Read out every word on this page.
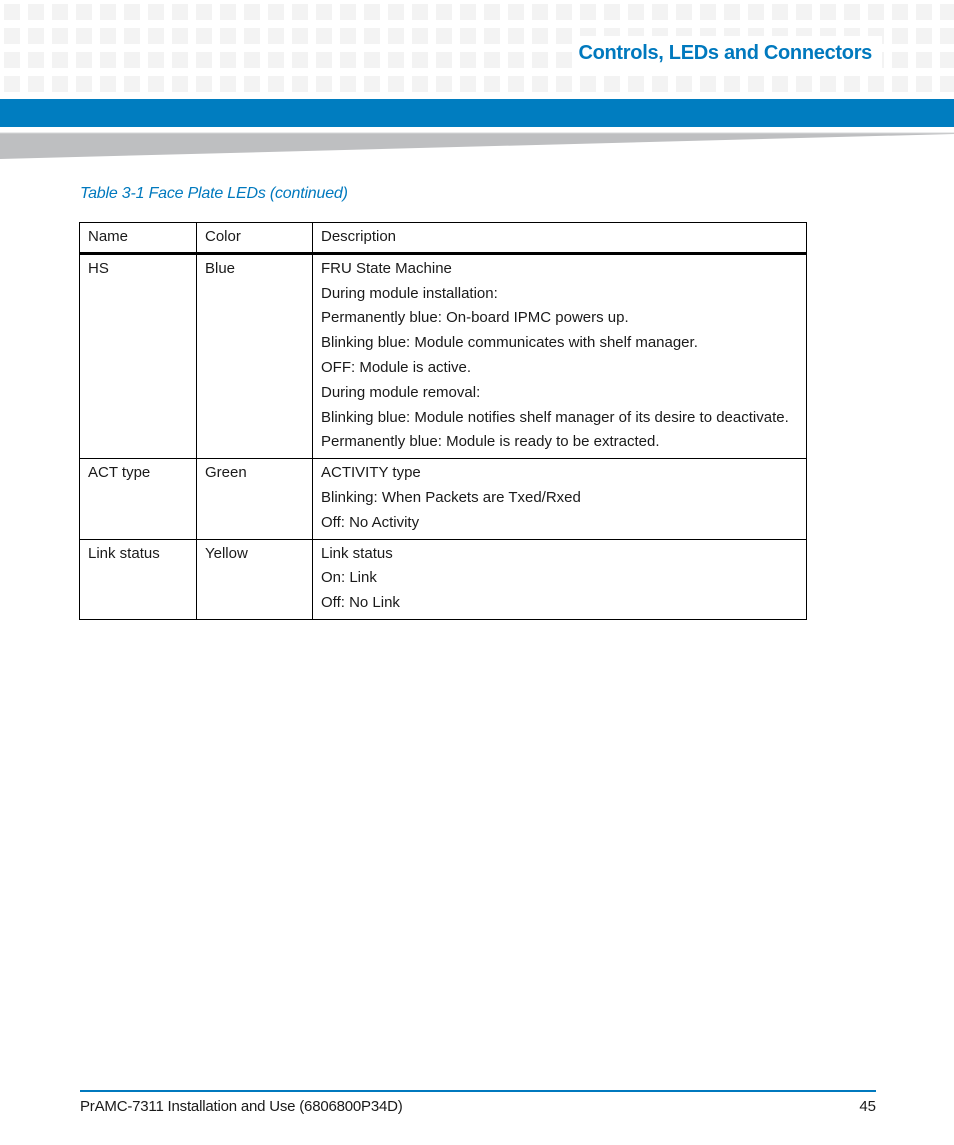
Controls, LEDs and Connectors
Table 3-1 Face Plate LEDs (continued)
Name	Color	Description
HS	Blue	FRU State Machine
During module installation:
Permanently blue: On-board IPMC powers up.
Blinking blue: Module communicates with shelf manager.
OFF: Module is active.
During module removal:
Blinking blue: Module notifies shelf manager of its desire to deactivate.
Permanently blue: Module is ready to be extracted.

ACT type	Green	ACTIVITY type
Blinking: When Packets are Txed/Rxed
Off: No Activity

Link status	Yellow	Link status
On: Link
Off: No Link
PrAMC-7311 Installation and Use (6806800P34D)	45
